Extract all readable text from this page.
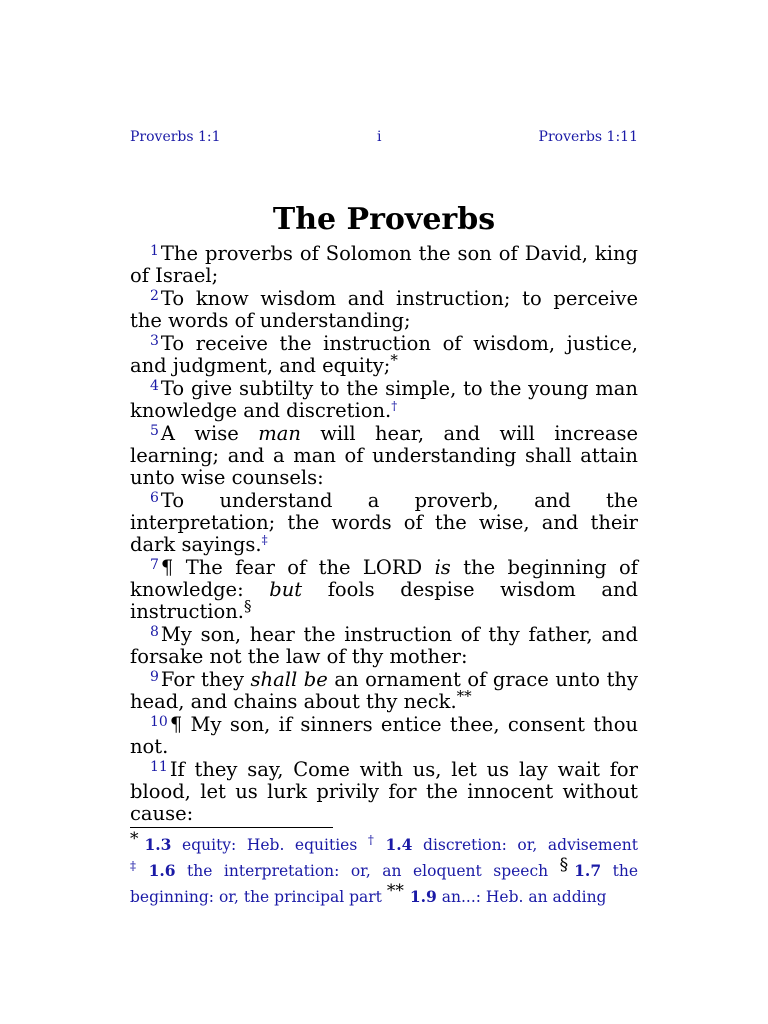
Proverbs 1:1	i	Proverbs 1:11
The Proverbs

$^1$ The proverbs of Solomon the son of David, king of Israel;

$^2$ To know wisdom and instruction; to perceive the words of understanding;

$^3$ To receive the instruction of wisdom, justice, and judgment, and equity;*

$^4$ To give subtilty to the simple, to the young man knowledge and discretion.†

$^5$ A wise man will hear, and will increase learning; and a man of understanding shall attain unto wise counsels:

$^6$ To understand a proverb, and the interpretation; the words of the wise, and their dark sayings.‡

$^7$ ¶ The fear of the LORD is the beginning of knowledge: but fools despise wisdom and instruction.§

$^8$ My son, hear the instruction of thy father, and forsake not the law of thy mother:

$^9$ For they shall be an ornament of grace unto thy head, and chains about thy neck.**

$^{10}$ ¶ My son, if sinners entice thee, consent thou not.

$^{11}$ If they say, Come with us, let us lay wait for blood, let us lurk privily for the innocent without cause:

* 1.3 equity: Heb. equities † 1.4 discretion: or, advisement ‡ 1.6 the interpretation: or, an eloquent speech § 1.7 the beginning: or, the principal part ** 1.9 an...: Heb. an adding
